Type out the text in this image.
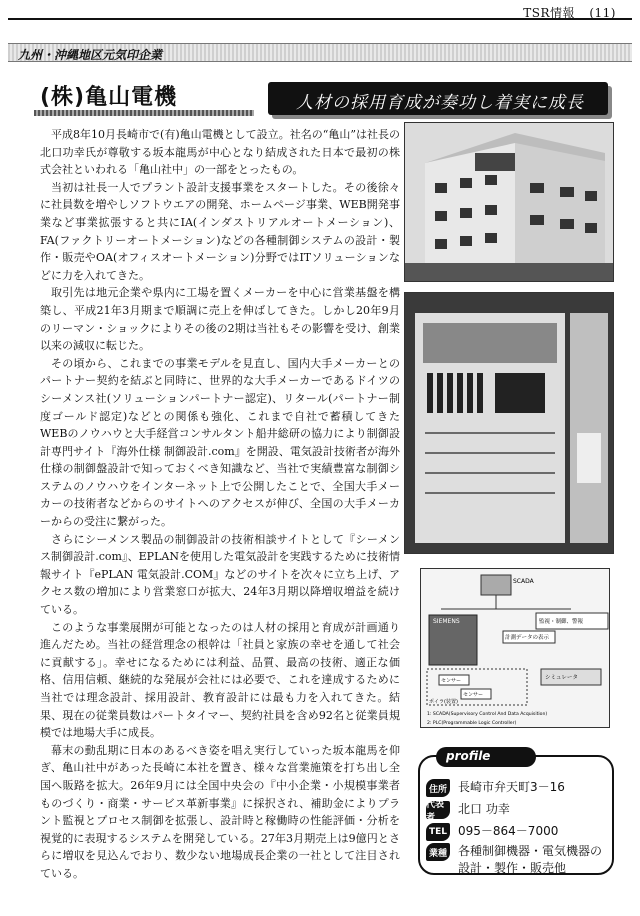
TSR情報 (11)
九州・沖縄地区元気印企業
(株)亀山電機	人材の採用育成が奏功し着実に成長

平成8年10月長崎市で(有)亀山電機として設立。社名の“亀山”は社長の北口功幸氏が尊敬する坂本龍馬が中心となり結成された日本で最初の株式会社といわれる「亀山社中」の一部をとったもの。

当初は社長一人でプラント設計支援事業をスタートした。その後徐々に社員数を増やしソフトウエアの開発、ホームページ事業、WEB開発事業など事業拡張すると共にIA(インダストリアルオートメーション)、FA(ファクトリーオートメーション)などの各種制御システムの設計・製作・販売やOA(オフィスオートメーション)分野ではITソリューションなどに力を入れてきた。

取引先は地元企業や県内に工場を置くメーカーを中心に営業基盤を構築し、平成21年3月期まで順調に売上を伸ばしてきた。しかし20年9月のリーマン・ショックによりその後の2期は当社もその影響を受け、創業以来の減収に転じた。

その頃から、これまでの事業モデルを見直し、国内大手メーカーとのパートナー契約を結ぶと同時に、世界的な大手メーカーであるドイツのシーメンス社(ソリューションパートナー認定)、リタール(パートナー制度ゴールド認定)などとの関係も強化、これまで自社で蓄積してきたWEBのノウハウと大手経営コンサルタント船井総研の協力により制御設計専門サイト『海外仕様 制御設計.com』を開設、電気設計技術者が海外仕様の制御盤設計で知っておくべき知識など、当社で実績豊富な制御システムのノウハウをインターネット上で公開したことで、全国大手メーカーの技術者などからのサイトへのアクセスが伸び、全国の大手メーカーからの受注に繋がった。

さらにシーメンス製品の制御設計の技術相談サイトとして『シーメンス制御設計.com』、EPLANを使用した電気設計を実践するために技術情報サイト『ePLAN 電気設計.COM』などのサイトを次々に立ち上げ、アクセス数の増加により営業窓口が拡大、24年3月期以降増収増益を続けている。

このような事業展開が可能となったのは人材の採用と育成が計画通り進んだため。当社の経営理念の根幹は「社員と家族の幸せを通して社会に貢献する」。幸せになるためには利益、品質、最高の技術、適正な価格、信用信頼、継続的な発展が会社には必要で、これを達成するために当社では理念設計、採用設計、教育設計には最も力を入れてきた。結果、現在の従業員数はパートタイマー、契約社員を含め92名と従業員規模では地場大手に成長。

幕末の動乱期に日本のあるべき姿を唱え実行していった坂本龍馬を仰ぎ、亀山社中があった長崎に本社を置き、様々な営業施策を打ち出し全国へ販路を拡大。26年9月には全国中央会の『中小企業・小規模事業者ものづくり・商業・サービス革新事業』に採択され、補助金によりプラント監視とプロセス制御を拡張し、設計時と稼働時の性能評価・分析を視覚的に表現するシステムを開発している。27年3月期売上は9億円とさらに増収を見込んでおり、数少ない地場成長企業の一社として注目されている。

SCADA
SIEMENS	監視・制御、警報
計測データの表示
シミュレータ
センサー
センサー
ポイラ(装置)
1: SCADA(Supervisory Control And Data Acquisition)
2: PLC(Programmable Logic Controller)
profile
住所 長崎市弁天町3－16
代表者
北口 功幸
TEL 095－864－7000
業種 各種制御機器・電気機器の設計・製作・販売他
